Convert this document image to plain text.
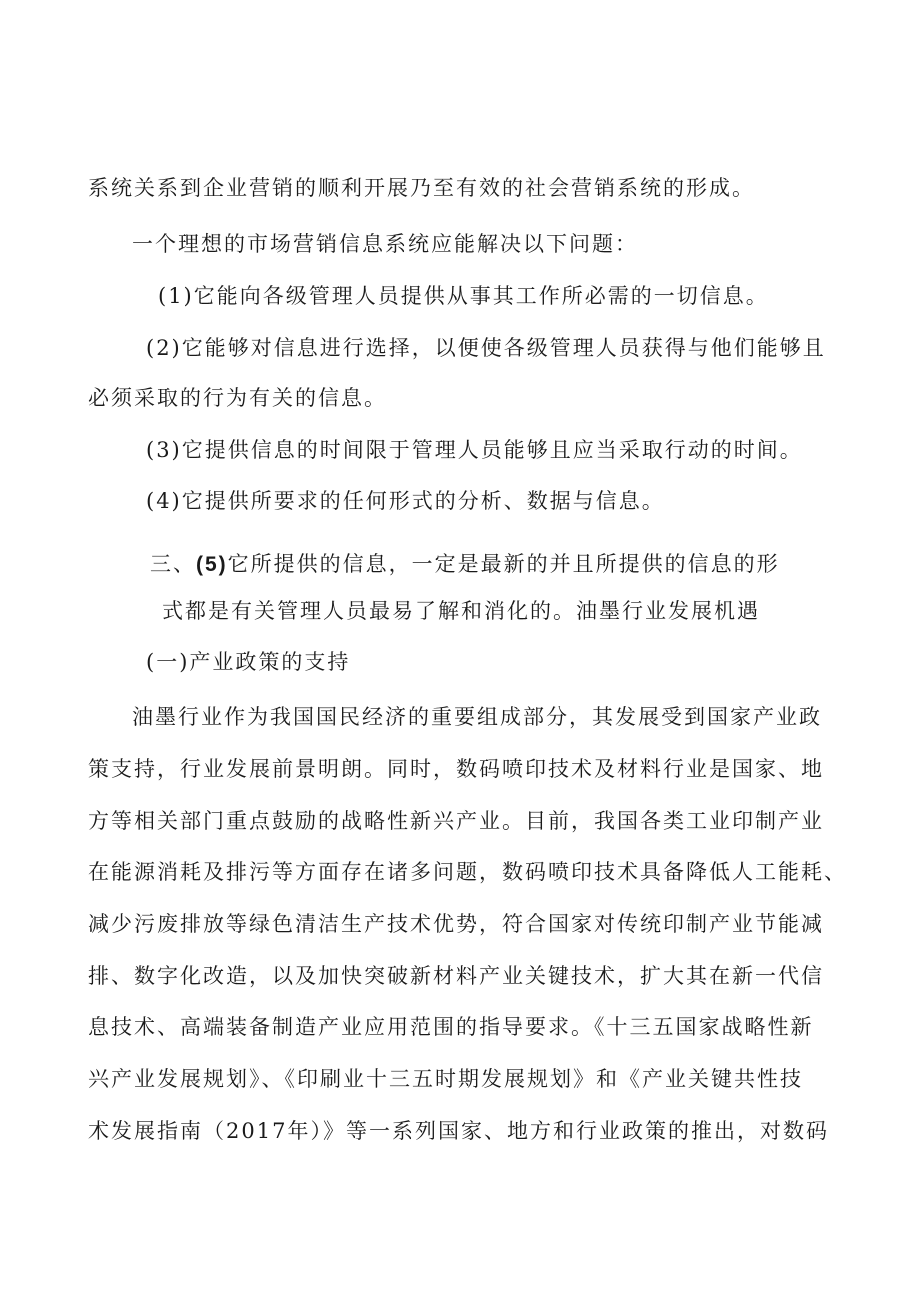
系统关系到企业营销的顺利开展乃至有效的社会营销系统的形成。
一个理想的市场营销信息系统应能解决以下问题：
(1)它能向各级管理人员提供从事其工作所必需的一切信息。
(2)它能够对信息进行选择，以便使各级管理人员获得与他们能够且
必须采取的行为有关的信息。
(3)它提供信息的时间限于管理人员能够且应当采取行动的时间。
(4)它提供所要求的任何形式的分析、数据与信息。
三、(5)它所提供的信息，一定是最新的并且所提供的信息的形
式都是有关管理人员最易了解和消化的。油墨行业发展机遇
(一)产业政策的支持
油墨行业作为我国国民经济的重要组成部分，其发展受到国家产业政
策支持，行业发展前景明朗。同时，数码喷印技术及材料行业是国家、地
方等相关部门重点鼓励的战略性新兴产业。目前，我国各类工业印制产业
在能源消耗及排污等方面存在诸多问题，数码喷印技术具备降低人工能耗、
减少污废排放等绿色清洁生产技术优势，符合国家对传统印制产业节能减
排、数字化改造，以及加快突破新材料产业关键技术，扩大其在新一代信
息技术、高端装备制造产业应用范围的指导要求。《十三五国家战略性新
兴产业发展规划》、《印刷业十三五时期发展规划》和《产业关键共性技
术发展指南（2017年）》等一系列国家、地方和行业政策的推出，对数码
